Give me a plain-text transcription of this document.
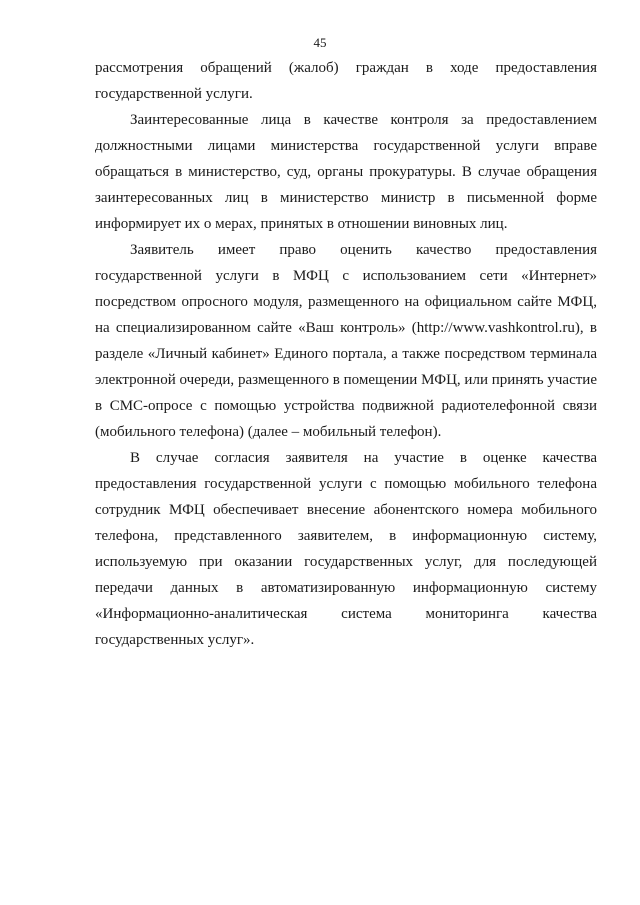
45

рассмотрения обращений (жалоб) граждан в ходе предоставления государственной услуги.

Заинтересованные лица в качестве контроля за предоставлением должностными лицами министерства государственной услуги вправе обращаться в министерство, суд, органы прокуратуры. В случае обращения заинтересованных лиц в министерство министр в письменной форме информирует их о мерах, принятых в отношении виновных лиц.

Заявитель имеет право оценить качество предоставления государственной услуги в МФЦ с использованием сети «Интернет» посредством опросного модуля, размещенного на официальном сайте МФЦ, на специализированном сайте «Ваш контроль» (http://www.vashkontrol.ru), в разделе «Личный кабинет» Единого портала, а также посредством терминала электронной очереди, размещенного в помещении МФЦ, или принять участие в СМС-опросе с помощью устройства подвижной радиотелефонной связи (мобильного телефона) (далее – мобильный телефон).

В случае согласия заявителя на участие в оценке качества предоставления государственной услуги с помощью мобильного телефона сотрудник МФЦ обеспечивает внесение абонентского номера мобильного телефона, представленного заявителем, в информационную систему, используемую при оказании государственных услуг, для последующей передачи данных в автоматизированную информационную систему «Информационно-аналитическая система мониторинга качества государственных услуг».
